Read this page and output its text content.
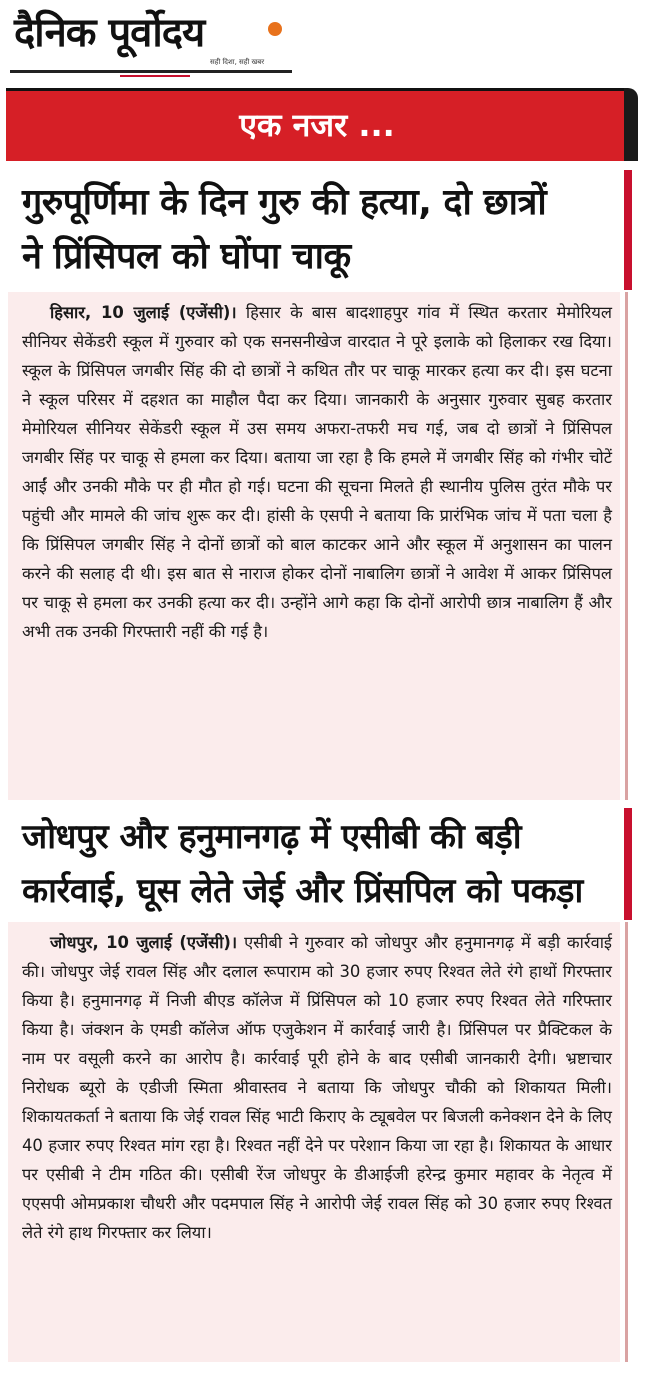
दैनिक पूर्वोदय
सही दिशा, सही खबर
एक नजर ...
गुरुपूर्णिमा के दिन गुरु की हत्या, दो छात्रों
ने प्रिंसिपल को घोंपा चाकू
हिसार, 10 जुलाई (एजेंसी)। हिसार के बास बादशाहपुर गांव में स्थित करतार मेमोरियल सीनियर सेकेंडरी स्कूल में गुरुवार को एक सनसनीखेज वारदात ने पूरे इलाके को हिलाकर रख दिया। स्कूल के प्रिंसिपल जगबीर सिंह की दो छात्रों ने कथित तौर पर चाकू मारकर हत्या कर दी। इस घटना ने स्कूल परिसर में दहशत का माहौल पैदा कर दिया। जानकारी के अनुसार गुरुवार सुबह करतार मेमोरियल सीनियर सेकेंडरी स्कूल में उस समय अफरा-तफरी मच गई, जब दो छात्रों ने प्रिंसिपल जगबीर सिंह पर चाकू से हमला कर दिया। बताया जा रहा है कि हमले में जगबीर सिंह को गंभीर चोटें आईं और उनकी मौके पर ही मौत हो गई। घटना की सूचना मिलते ही स्थानीय पुलिस तुरंत मौके पर पहुंची और मामले की जांच शुरू कर दी। हांसी के एसपी ने बताया कि प्रारंभिक जांच में पता चला है कि प्रिंसिपल जगबीर सिंह ने दोनों छात्रों को बाल काटकर आने और स्कूल में अनुशासन का पालन करने की सलाह दी थी। इस बात से नाराज होकर दोनों नाबालिग छात्रों ने आवेश में आकर प्रिंसिपल पर चाकू से हमला कर उनकी हत्या कर दी। उन्होंने आगे कहा कि दोनों आरोपी छात्र नाबालिग हैं और अभी तक उनकी गिरफ्तारी नहीं की गई है।
जोधपुर और हनुमानगढ़ में एसीबी की बड़ी
कार्रवाई, घूस लेते जेई और प्रिंसपिल को पकड़ा
जोधपुर, 10 जुलाई (एजेंसी)। एसीबी ने गुरुवार को जोधपुर और हनुमानगढ़ में बड़ी कार्रवाई की। जोधपुर जेई रावल सिंह और दलाल रूपाराम को 30 हजार रुपए रिश्वत लेते रंगे हाथों गिरफ्तार किया है। हनुमानगढ़ में निजी बीएड कॉलेज में प्रिंसिपल को 10 हजार रुपए रिश्वत लेते गरिफ्तार किया है। जंक्शन के एमडी कॉलेज ऑफ एजुकेशन में कार्रवाई जारी है। प्रिंसिपल पर प्रैक्टिकल के नाम पर वसूली करने का आरोप है। कार्रवाई पूरी होने के बाद एसीबी जानकारी देगी। भ्रष्टाचार निरोधक ब्यूरो के एडीजी स्मिता श्रीवास्तव ने बताया कि जोधपुर चौकी को शिकायत मिली। शिकायतकर्ता ने बताया कि जेई रावल सिंह भाटी किराए के ट्यूबवेल पर बिजली कनेक्शन देने के लिए 40 हजार रुपए रिश्वत मांग रहा है। रिश्वत नहीं देने पर परेशान किया जा रहा है। शिकायत के आधार पर एसीबी ने टीम गठित की। एसीबी रेंज जोधपुर के डीआईजी हरेन्द्र कुमार महावर के नेतृत्व में एएसपी ओमप्रकाश चौधरी और पदमपाल सिंह ने आरोपी जेई रावल सिंह को 30 हजार रुपए रिश्वत लेते रंगे हाथ गिरफ्तार कर लिया।
